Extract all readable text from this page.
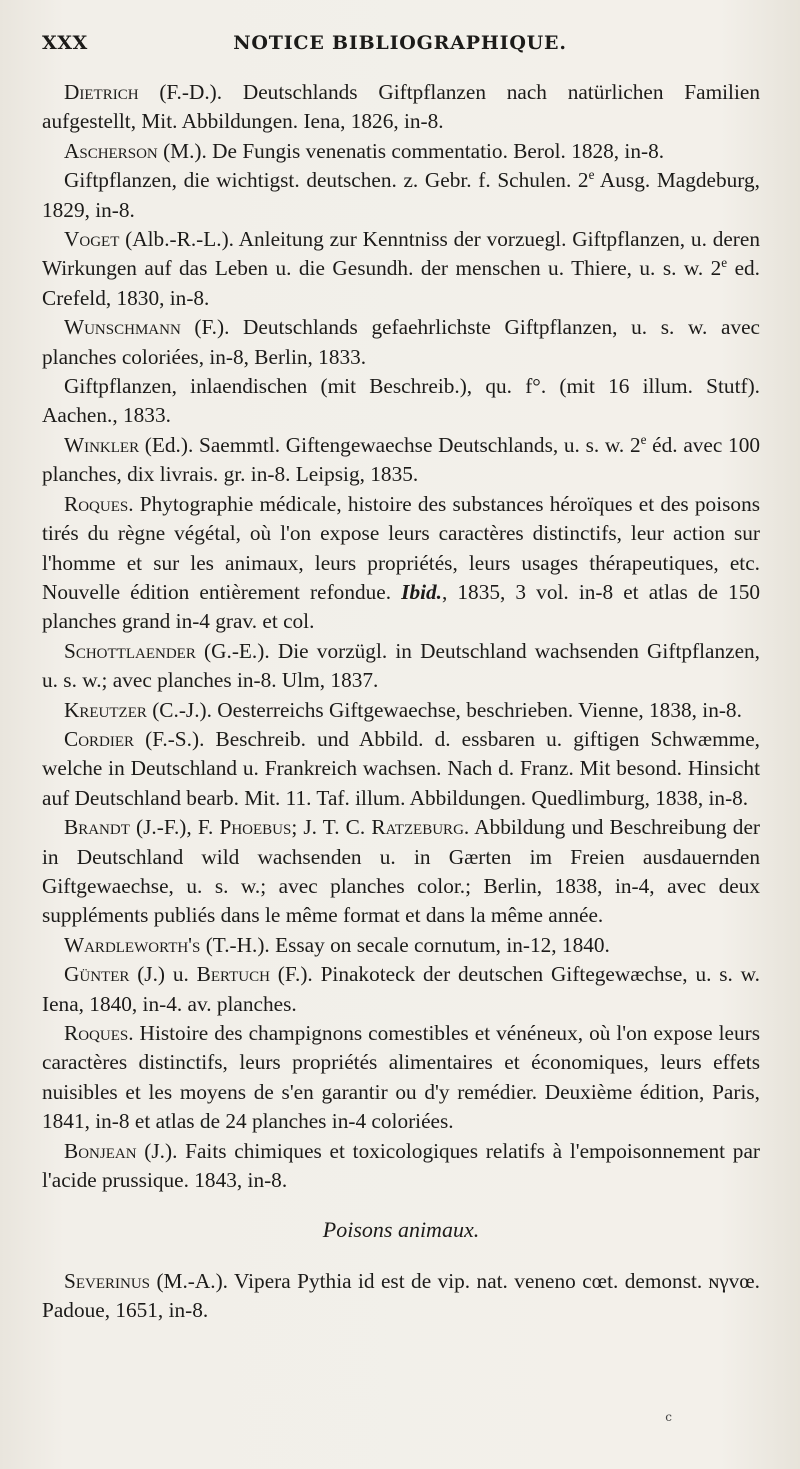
XXX	NOTICE BIBLIOGRAPHIQUE.

Dietrich (F.-D.). Deutschlands Giftpflanzen nach natürlichen Familien aufgestellt, Mit. Abbildungen. Iena, 1826, in-8.

Ascherson (M.). De Fungis venenatis commentatio. Berol. 1828, in-8.

Giftpflanzen, die wichtigst. deutschen. z. Gebr. f. Schulen. 2e Ausg. Magdeburg, 1829, in-8.

Voget (Alb.-R.-L.). Anleitung zur Kenntniss der vorzuegl. Giftpflanzen, u. deren Wirkungen auf das Leben u. die Gesundh. der menschen u. Thiere, u. s. w. 2e ed. Crefeld, 1830, in-8.

Wunschmann (F.). Deutschlands gefaehrlichste Giftpflanzen, u. s. w. avec planches coloriées, in-8, Berlin, 1833.

Giftpflanzen, inlaendischen (mit Beschreib.), qu. f°. (mit 16 illum. Stutf). Aachen., 1833.

Winkler (Ed.). Saemmtl. Giftengewaechse Deutschlands, u. s. w. 2e éd. avec 100 planches, dix livrais. gr. in-8. Leipsig, 1835.

Roques. Phytographie médicale, histoire des substances héroïques et des poisons tirés du règne végétal, où l'on expose leurs caractères distinctifs, leur action sur l'homme et sur les animaux, leurs propriétés, leurs usages thérapeutiques, etc. Nouvelle édition entièrement refondue. Ibid., 1835, 3 vol. in-8 et atlas de 150 planches grand in-4 grav. et col.

Schottlaender (G.-E.). Die vorzügl. in Deutschland wachsenden Giftpflanzen, u. s. w.; avec planches in-8. Ulm, 1837.

Kreutzer (C.-J.). Oesterreichs Giftgewaechse, beschrieben. Vienne, 1838, in-8.

Cordier (F.-S.). Beschreib. und Abbild. d. essbaren u. giftigen Schwæmme, welche in Deutschland u. Frankreich wachsen. Nach d. Franz. Mit besond. Hinsicht auf Deutschland bearb. Mit. 11. Taf. illum. Abbildungen. Quedlimburg, 1838, in-8.

Brandt (J.-F.), F. Phoebus; J. T. C. Ratzeburg. Abbildung und Beschreibung der in Deutschland wild wachsenden u. in Gærten im Freien ausdauernden Giftgewaechse, u. s. w.; avec planches color.; Berlin, 1838, in-4, avec deux suppléments publiés dans le même format et dans la même année.

Wardleworth's (T.-H.). Essay on secale cornutum, in-12, 1840.

Günter (J.) u. Bertuch (F.). Pinakoteck der deutschen Giftegewæchse, u. s. w. Iena, 1840, in-4. av. planches.

Roques. Histoire des champignons comestibles et vénéneux, où l'on expose leurs caractères distinctifs, leurs propriétés alimentaires et économiques, leurs effets nuisibles et les moyens de s'en garantir ou d'y remédier. Deuxième édition, Paris, 1841, in-8 et atlas de 24 planches in-4 coloriées.

Bonjean (J.). Faits chimiques et toxicologiques relatifs à l'empoisonnement par l'acide prussique. 1843, in-8.

Poisons animaux.

Severinus (M.-A.). Vipera Pythia id est de vip. nat. veneno cœt. demonst. ɴγvœ. Padoue, 1651, in-8.

c
